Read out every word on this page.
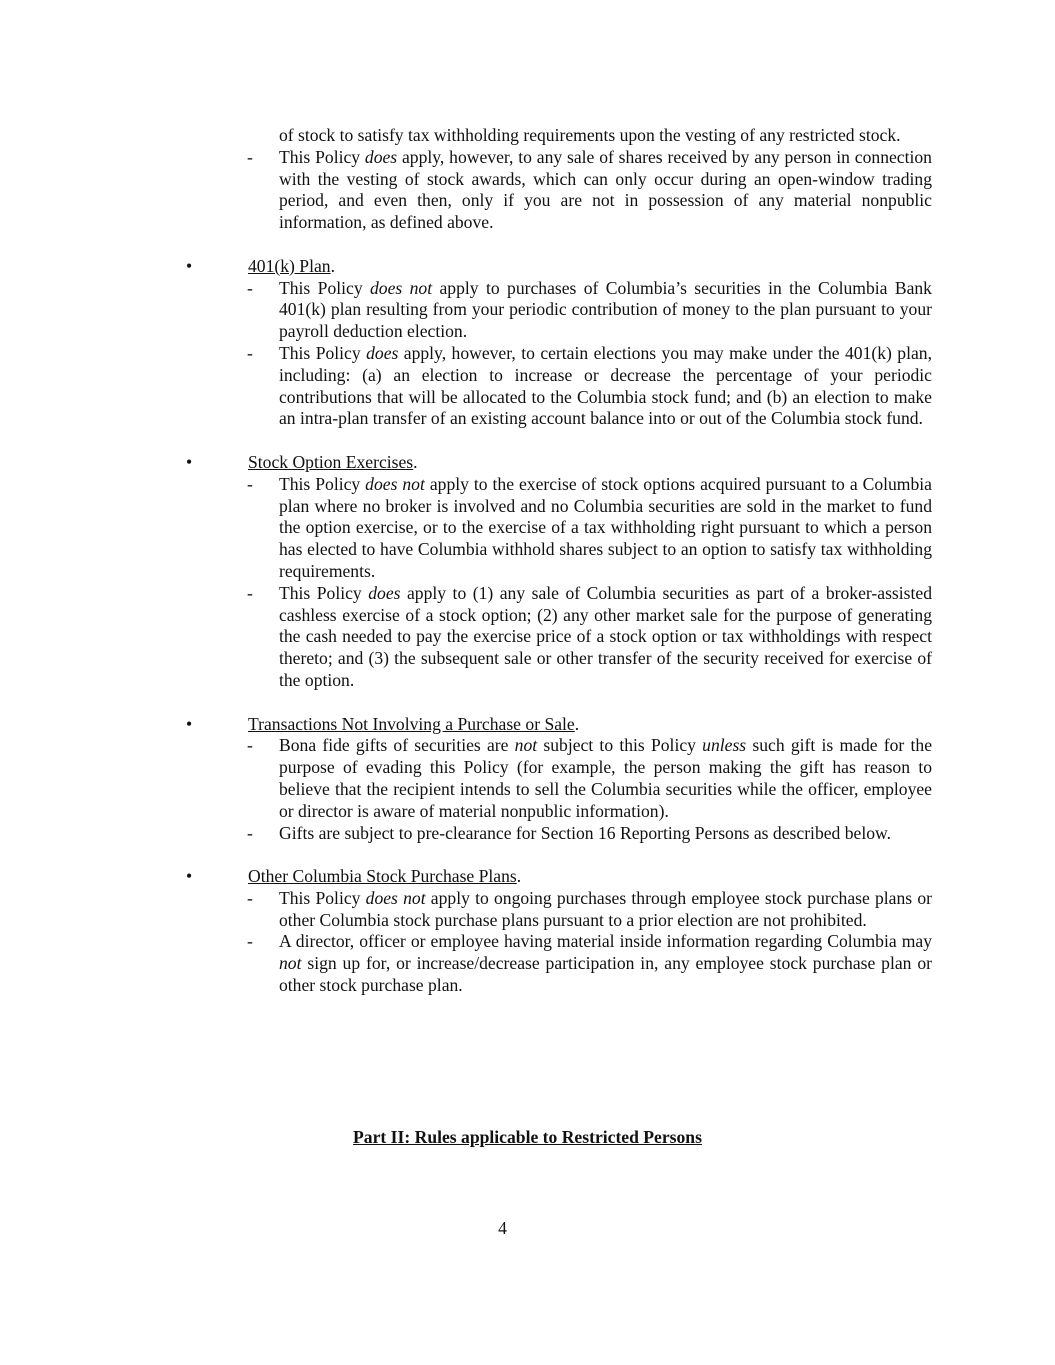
of stock to satisfy tax withholding requirements upon the vesting of any restricted stock.
- This Policy does apply, however, to any sale of shares received by any person in connection with the vesting of stock awards, which can only occur during an open-window trading period, and even then, only if you are not in possession of any material nonpublic information, as defined above.
•	401(k) Plan.
- This Policy does not apply to purchases of Columbia’s securities in the Columbia Bank 401(k) plan resulting from your periodic contribution of money to the plan pursuant to your payroll deduction election.
- This Policy does apply, however, to certain elections you may make under the 401(k) plan, including: (a) an election to increase or decrease the percentage of your periodic contributions that will be allocated to the Columbia stock fund; and (b) an election to make an intra-plan transfer of an existing account balance into or out of the Columbia stock fund.
•	Stock Option Exercises.
- This Policy does not apply to the exercise of stock options acquired pursuant to a Columbia plan where no broker is involved and no Columbia securities are sold in the market to fund the option exercise, or to the exercise of a tax withholding right pursuant to which a person has elected to have Columbia withhold shares subject to an option to satisfy tax withholding requirements.
- This Policy does apply to (1) any sale of Columbia securities as part of a broker-assisted cashless exercise of a stock option; (2) any other market sale for the purpose of generating the cash needed to pay the exercise price of a stock option or tax withholdings with respect thereto; and (3) the subsequent sale or other transfer of the security received for exercise of the option.
•	Transactions Not Involving a Purchase or Sale.
- Bona fide gifts of securities are not subject to this Policy unless such gift is made for the purpose of evading this Policy (for example, the person making the gift has reason to believe that the recipient intends to sell the Columbia securities while the officer, employee or director is aware of material nonpublic information).
- Gifts are subject to pre-clearance for Section 16 Reporting Persons as described below.
•	Other Columbia Stock Purchase Plans.
- This Policy does not apply to ongoing purchases through employee stock purchase plans or other Columbia stock purchase plans pursuant to a prior election are not prohibited.
- A director, officer or employee having material inside information regarding Columbia may not sign up for, or increase/decrease participation in, any employee stock purchase plan or other stock purchase plan.
Part II: Rules applicable to Restricted Persons
4
